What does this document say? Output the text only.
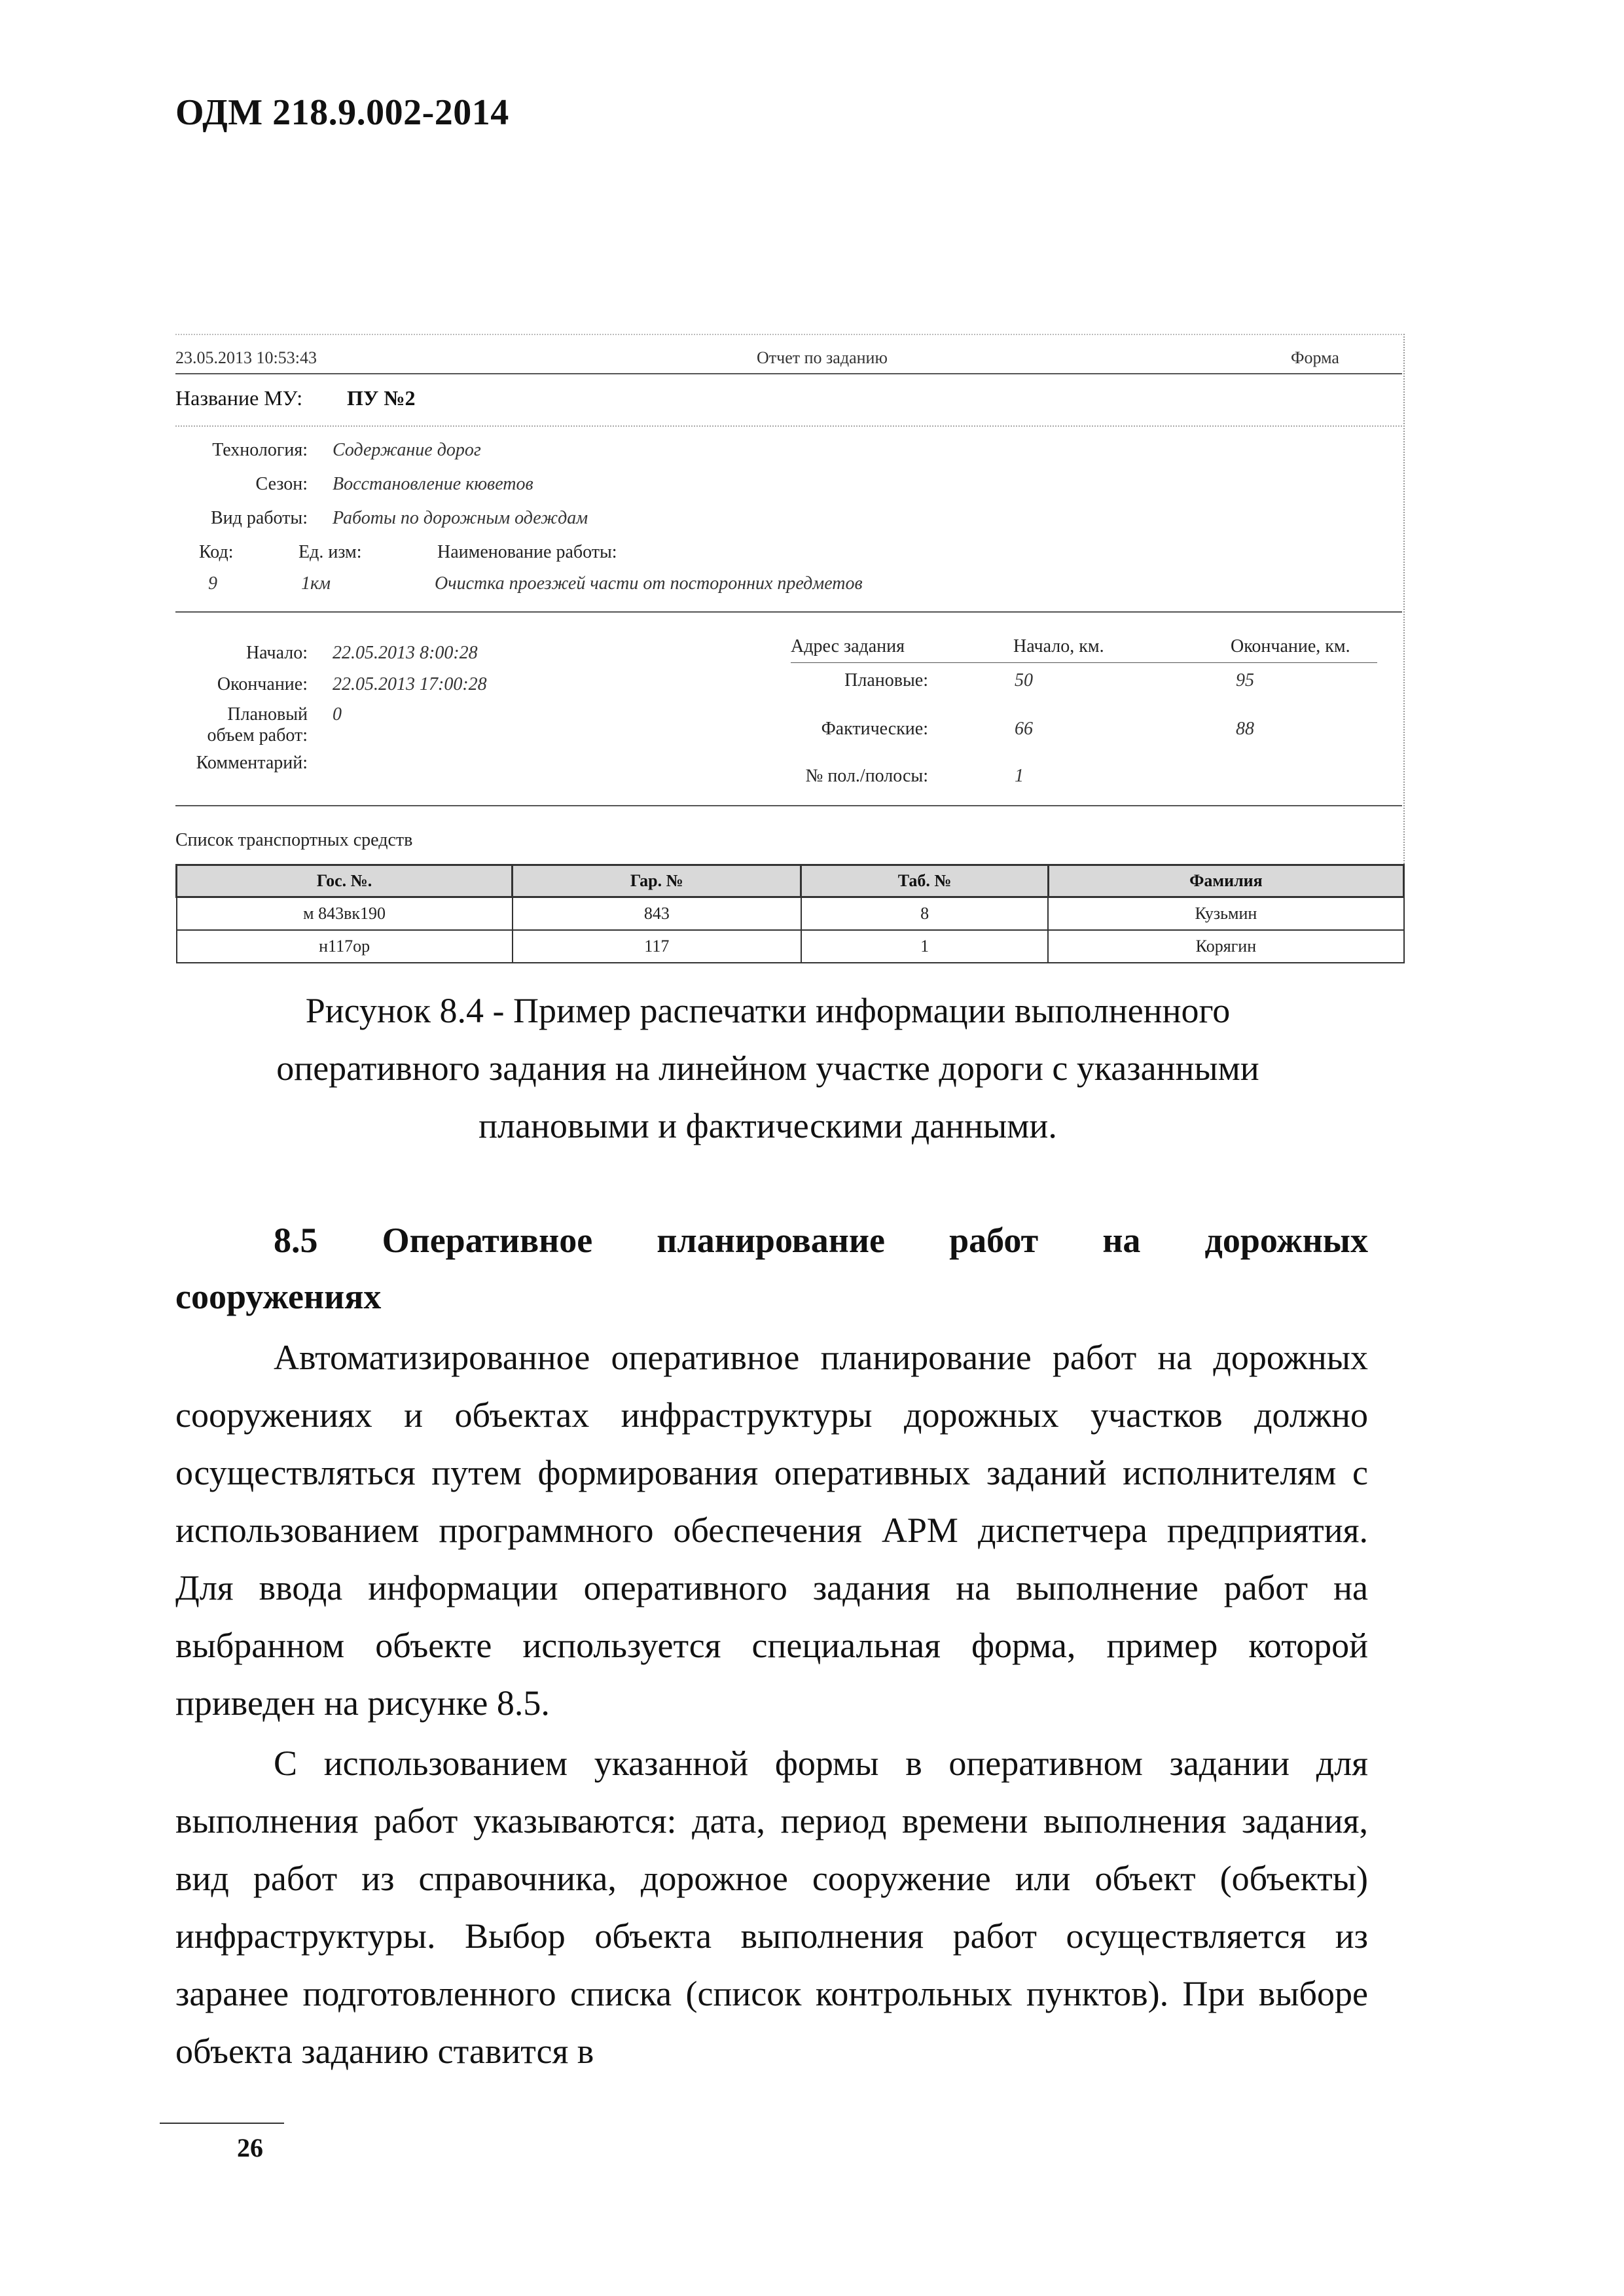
ОДМ 218.9.002-2014
23.05.2013 10:53:43	Отчет по заданию	Форма
Название МУ: ПУ №2
Технология: Содержание дорог
Сезон: Восстановление кюветов
Вид работы: Работы по дорожным одеждам
Код:	Ед. изм:	Наименование работы:
9	1км	Очистка проезжей части от посторонних предметов
Начало: 22.05.2013 8:00:28
Окончание: 22.05.2013 17:00:28
Плановый
объем работ:
0
Комментарий:
Адрес задания	Начало, км.	Окончание, км.
Плановые:	50	95
Фактические:	66	88
№ пол./полосы:	1
Список транспортных средств
Гос. №.	Гар. №	Таб. №	Фамилия
м 843вк190	843	8	Кузьмин
н117ор	117	1	Корягин
Рисунок 8.4 - Пример распечатки информации выполненного
оперативного задания на линейном участке дороги с указанными
плановыми и фактическими данными.
8.5 Оперативное планирование работ на дорожных
сооружениях
Автоматизированное оперативное планирование работ на дорожных сооружениях и объектах инфраструктуры дорожных участков должно осуществляться путем формирования оперативных заданий исполнителям с использованием программного обеспечения АРМ диспетчера предприятия. Для ввода информации оперативного задания на выполнение работ на выбранном объекте используется специальная форма, пример которой приведен на рисунке 8.5.
С использованием указанной формы в оперативном задании для выполнения работ указываются: дата, период времени выполнения задания, вид работ из справочника, дорожное сооружение или объект (объекты) инфраструктуры. Выбор объекта выполнения работ осуществляется из заранее подготовленного списка (список контрольных пунктов). При выборе объекта заданию ставится в
26
